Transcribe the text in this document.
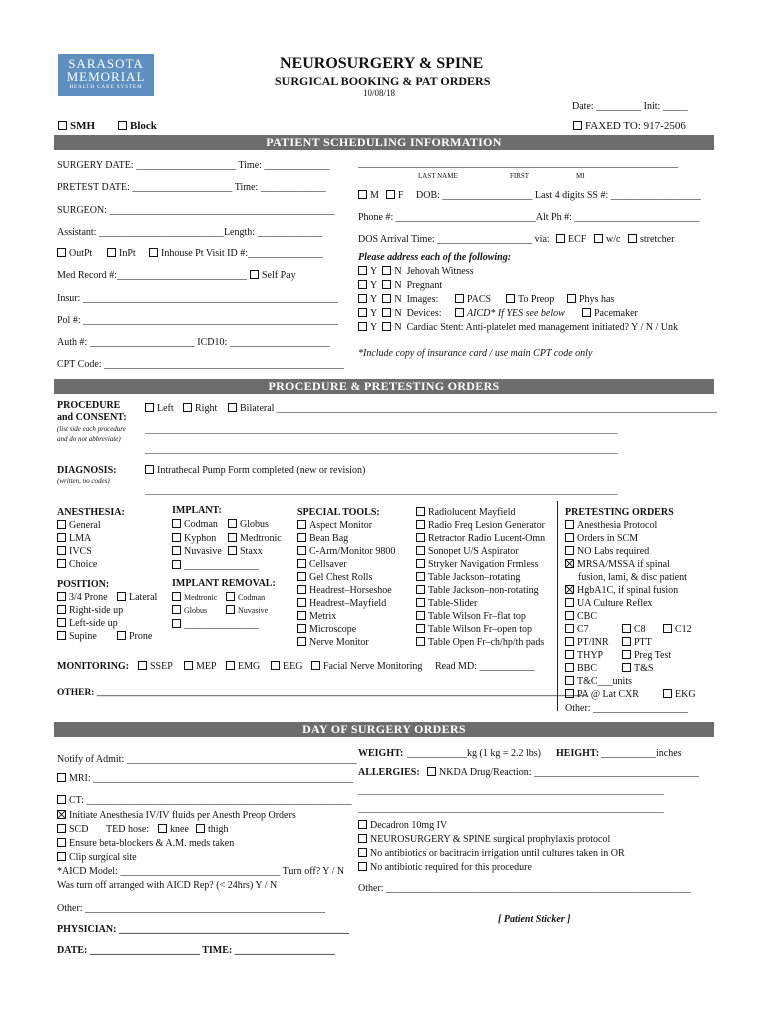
SARASOTA
MEMORIAL
HEALTH CARE SYSTEM
NEUROSURGERY & SPINE
SURGICAL BOOKING & PAT ORDERS
10/08/18
Date: _________ Init: _____
SMH	Block	FAXED TO: 917-2506
PATIENT SCHEDULING INFORMATION
SURGERY DATE: ____________________ Time: _____________
PRETEST DATE: ____________________ Time: _____________
SURGEON: _____________________________________________
Assistant: _________________________Length: _____________
OutPt	InPt	Inhouse Pt Visit ID #:_______________
Med Record #:__________________________	Self Pay
Insur: ___________________________________________________
Pol #: ___________________________________________________
Auth #: _____________________ ICD10: ____________________
CPT Code: ________________________________________________
________________________________________________________________
LAST NAME	FIRST	MI
M	F DOB: __________________ Last 4 digits SS #: __________________
Phone #: ____________________________Alt Ph #: _________________________
DOS Arrival Time: ___________________ via:	ECF	w/c	stretcher
Please address each of the following:
Y N Jehovah Witness
Y N Pregnant
Y N Images:	PACS	To Preop	Phys has
Y N Devices:	AICD* If YES see below	Pacemaker
Y N Cardiac Stent: Anti-platelet med management initiated? Y / N / Unk
*Include copy of insurance card / use main CPT code only
PROCEDURE & PRETESTING ORDERS
PROCEDURE
and CONSENT:
(list side each procedure
and do not abbreviate)
Left	Right	Bilateral ________________________________________________________________________________________
_________________________________________________________________________________________________________
_________________________________________________________________________________________________________
DIAGNOSIS:
(written, no codes)
Intrathecal Pump Form completed (new or revision)
_________________________________________________________________________________________________________
ANESTHESIA:
General
LMA
IVCS
Choice
POSITION:
3/4 Prone	Lateral
Right-side up
Left-side up
Supine	Prone
IMPLANT:
Codman	Globus
Kyphon	Medtronic
Nuvasive	Staxx
_______________
IMPLANT REMOVAL:
Medtronic	Codman
Globus	Nuvasive
_______________
SPECIAL TOOLS:
Aspect Monitor
Bean Bag
C-Arm/Monitor 9800
Cellsaver
Gel Chest Rolls
Headrest–Horseshoe
Headrest–Mayfield
Metrix
Microscope
Nerve Monitor
Radiolucent Mayfield
Radio Freq Lesion Generator
Retractor Radio Lucent-Omn
Sonopet U/S Aspirator
Stryker Navigation Frmless
Table Jackson–rotating
Table Jackson–non-rotating
Table-Slider
Table Wilson Fr–flat top
Table Wilson Fr–open top
Table Open Fr–ch/hp/th pads
PRETESTING ORDERS
Anesthesia Protocol
Orders in SCM
NO Labs required
MRSA/MSSA if spinal
fusion, lami, & disc patient
HgbA1C, if spinal fusion
UA Culture Reflex
CBC
C7	C8	C12
PT/INR	PTT
THYP	Preg Test
BBC	T&S
T&C___units
PA @ Lat CXR	EKG
Other: ___________________
MONITORING:	SSEP	MEP	EMG	EEG	Facial Nerve Monitoring Read MD: ___________
OTHER: _______________________________________________________________________________________________________
DAY OF SURGERY ORDERS
Notify of Admit: ______________________________________________
MRI: ____________________________________________________
CT: _____________________________________________________
Initiate Anesthesia IV/IV fluids per Anesth Preop Orders
SCD TED hose:	knee	thigh
Ensure beta-blockers & A.M. meds taken
Clip surgical site
*AICD Model: ________________________________ Turn off? Y / N
Was turn off arranged with AICD Rep? (< 24hrs) Y / N
Other: ________________________________________________
PHYSICIAN: ______________________________________________
DATE: ______________________ TIME: ____________________
WEIGHT: ____________kg (1 kg = 2.2 lbs) HEIGHT: ___________inches
ALLERGIES:	NKDA Drug/Reaction: _________________________________
____________________________________________________________________
____________________________________________________________________
Decadron 10mg IV
NEUROSURGERY & SPINE surgical prophylaxis protocol
No antibiotics or bacitracin irrigation until cultures taken in OR
No antibiotic required for this procedure
Other: _____________________________________________________________
[ Patient Sticker ]
